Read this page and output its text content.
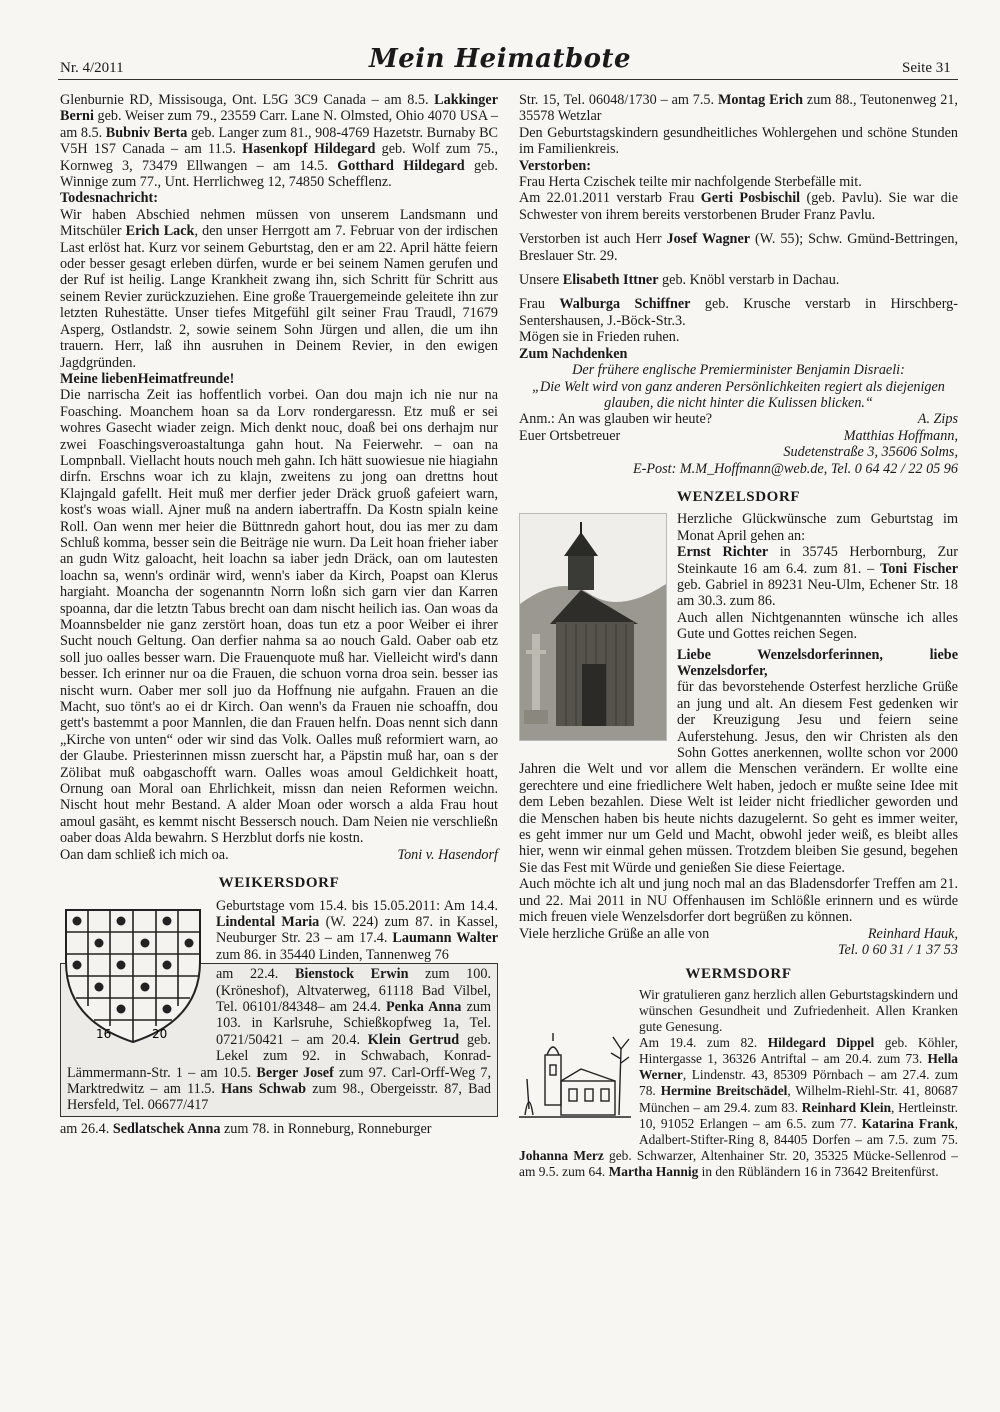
Nr. 4/2011	Mein Heimatbote	Seite 31

Glenburnie RD, Missisouga, Ont. L5G 3C9 Canada – am 8.5. Lakkinger Berni geb. Weiser zum 79., 23559 Carr. Lane N. Olmsted, Ohio 4070 USA – am 8.5. Bubniv Berta geb. Langer zum 81., 908-4769 Hazetstr. Burnaby BC V5H 1S7 Canada – am 11.5. Hasenkopf Hildegard geb. Wolf zum 75., Kornweg 3, 73479 Ellwangen – am 14.5. Gotthard Hildegard geb. Winnige zum 77., Unt. Herrlichweg 12, 74850 Schefflenz.

Todesnachricht:

Wir haben Abschied nehmen müssen von unserem Landsmann und Mitschüler Erich Lack, den unser Herrgott am 7. Februar von der irdischen Last erlöst hat. Kurz vor seinem Geburtstag, den er am 22. April hätte feiern oder besser gesagt erleben dürfen, wurde er bei seinem Namen gerufen und der Ruf ist heilig. Lange Krankheit zwang ihn, sich Schritt für Schritt aus seinem Revier zurückzuziehen. Eine große Trauergemeinde geleitete ihn zur letzten Ruhestätte. Unser tiefes Mitgefühl gilt seiner Frau Traudl, 71679 Asperg, Ostlandstr. 2, sowie seinem Sohn Jürgen und allen, die um ihn trauern. Herr, laß ihn ausruhen in Deinem Revier, in den ewigen Jagdgründen.

Meine liebenHeimatfreunde!

Die narrischa Zeit ias hoffentlich vorbei. Oan dou majn ich nie nur na Foasching. Moanchem hoan sa da Lorv rondergaressn. Etz muß er sei wohres Gasecht wiader zeign. Mich denkt nouc, doaß bei ons derhajm nur zwei Foaschingsveroastaltunga gahn hout. Na Feierwehr. – oan na Lompnball. Viellacht houts nouch meh gahn. Ich hätt suowiesue nie hiagiahn dirfn. Erschns woar ich zu klajn, zweitens zu jong oan drettns hout Klajngald gafellt. Heit muß mer derfier jeder Dräck gruoß gafeiert warn, kost's woas wiall. Ajner muß na andern iabertraffn. Da Kostn spialn keine Roll. Oan wenn mer heier die Büttnredn gahort hout, dou ias mer zu dam Schluß komma, besser sein die Beiträge nie wurn. Da Leit hoan frieher iaber an gudn Witz galoacht, heit loachn sa iaber jedn Dräck, oan om lautesten loachn sa, wenn's ordinär wird, wenn's iaber da Kirch, Poapst oan Klerus hargiaht. Moancha der sogenanntn Norrn loßn sich garn vier dan Karren spoanna, dar die letztn Tabus brecht oan dam nischt heilich ias. Oan woas da Moannsbelder nie ganz zerstört hoan, doas tun etz a poor Weiber ei ihrer Sucht nouch Geltung. Oan derfier nahma sa ao nouch Gald. Oaber oab etz soll juo oalles besser warn. Die Frauenquote muß har. Vielleicht wird's dann besser. Ich erinner nur oa die Frauen, die schuon vorna droa sein. besser ias nischt wurn. Oaber mer soll juo da Hoffnung nie aufgahn. Frauen an die Macht, suo tönt's ao ei dr Kirch. Oan wenn's da Frauen nie schoaffn, dou gett's bastemmt a poor Mannlen, die dan Frauen helfn. Doas nennt sich dann „Kirche von unten“ oder wir sind das Volk. Oalles muß reformiert warn, ao der Glaube. Priesterinnen missn zuerscht har, a Päpstin muß har, oan s der Zölibat muß oabgaschofft warn. Oalles woas amoul Geldichkeit hoatt, Ornung oan Moral oan Ehrlichkeit, missn dan neien Reformen weichn. Nischt hout mehr Bestand. A alder Moan oder worsch a alda Frau hout amoul gasäht, es kemmt nischt Bessersch nouch. Dam Neien nie verschließn oaber doas Alda bewahrn. S Herzblut dorfs nie kostn.

Oan dam schließ ich mich oa.	Toni v. Hasendorf
WEIKERSDORF
16	20

Geburtstage vom 15.4. bis 15.05.2011: Am 14.4. Lindental Maria (W. 224) zum 87. in Kassel, Neuburger Str. 23 – am 17.4. Laumann Walter zum 86. in 35440 Linden, Tannenweg 76

am 22.4. Bienstock Erwin zum 100. (Kröneshof), Altvaterweg, 61118 Bad Vilbel, Tel. 06101/84348– am 24.4. Penka Anna zum 103. in Karlsruhe, Schießkopfweg 1a, Tel. 0721/50421 – am 20.4. Klein Gertrud geb. Lekel zum 92. in Schwabach, Konrad-Lämmermann-Str. 1 – am 10.5. Berger Josef zum 97. Carl-Orff-Weg 7, Marktredwitz – am 11.5. Hans Schwab zum 98., Obergeisstr. 87, Bad Hersfeld, Tel. 06677/417

am 26.4. Sedlatschek Anna zum 78. in Ronneburg, Ronneburger

Str. 15, Tel. 06048/1730 – am 7.5. Montag Erich zum 88., Teutonenweg 21, 35578 Wetzlar

Den Geburtstagskindern gesundheitliches Wohlergehen und schöne Stunden im Familienkreis.

Verstorben:

Frau Herta Czischek teilte mir nachfolgende Sterbefälle mit.

Am 22.01.2011 verstarb Frau Gerti Posbischil (geb. Pavlu). Sie war die Schwester von ihrem bereits verstorbenen Bruder Franz Pavlu.

Verstorben ist auch Herr Josef Wagner (W. 55); Schw. Gmünd-Bettringen, Breslauer Str. 29.

Unsere Elisabeth Ittner geb. Knöbl verstarb in Dachau.

Frau Walburga Schiffner geb. Krusche verstarb in Hirschberg-Sentershausen, J.-Böck-Str.3.

Mögen sie in Frieden ruhen.

Zum Nachdenken

Der frühere englische Premierminister Benjamin Disraeli:

„Die Welt wird von ganz anderen Persönlichkeiten regiert als diejenigen glauben, die nicht hinter die Kulissen blicken.“

Anm.: An was glauben wir heute?	A. Zips
Euer Ortsbetreuer	Matthias Hoffmann,

Sudetenstraße 3, 35606 Solms,

E-Post: M.M_Hoffmann@web.de, Tel. 0 64 42 / 22 05 96

WENZELSDORF

Herzliche Glückwünsche zum Geburtstag im Monat April gehen an:

Ernst Richter in 35745 Herbornburg, Zur Steinkaute 16 am 6.4. zum 81. – Toni Fischer geb. Gabriel in 89231 Neu-Ulm, Echener Str. 18 am 30.3. zum 86.

Auch allen Nichtgenannten wünsche ich alles Gute und Gottes reichen Segen.

Liebe Wenzelsdorferinnen, liebe Wenzelsdorfer,

für das bevorstehende Osterfest herzliche Grüße an jung und alt. An diesem Fest gedenken wir der Kreuzigung Jesu und feiern seine Auferstehung. Jesus, den wir Christen als den Sohn Gottes anerkennen, wollte schon vor 2000 Jahren die Welt und vor allem die Menschen verändern. Er wollte eine gerechtere und eine friedlichere Welt haben, jedoch er mußte seine Idee mit dem Leben bezahlen. Diese Welt ist leider nicht friedlicher geworden und die Menschen haben bis heute nichts dazugelernt. So geht es immer weiter, es geht immer nur um Geld und Macht, obwohl jeder weiß, es bleibt alles hier, wenn wir einmal gehen müssen. Trotzdem bleiben Sie gesund, begehen Sie das Fest mit Würde und genießen Sie diese Feiertage.

Auch möchte ich alt und jung noch mal an das Bladensdorfer Treffen am 21. und 22. Mai 2011 in NU Offenhausen im Schlößle erinnern und es würde mich freuen viele Wenzelsdorfer dort begrüßen zu können.

Viele herzliche Grüße an alle von	Reinhard Hauk,

Tel. 0 60 31 / 1 37 53

WERMSDORF

Wir gratulieren ganz herzlich allen Geburtstagskindern und wünschen Gesundheit und Zufriedenheit. Allen Kranken gute Genesung.

Am 19.4. zum 82. Hildegard Dippel geb. Köhler, Hintergasse 1, 36326 Antriftal – am 20.4. zum 73. Hella Werner, Lindenstr. 43, 85309 Pörnbach – am 27.4. zum 78. Hermine Breitschädel, Wilhelm-Riehl-Str. 41, 80687 München – am 29.4. zum 83. Reinhard Klein, Hertleinstr. 10, 91052 Erlangen – am 6.5. zum 77. Katarina Frank, Adalbert-Stifter-Ring 8, 84405 Dorfen – am 7.5. zum 75. Johanna Merz geb. Schwarzer, Altenhainer Str. 20, 35325 Mücke-Sellenrod – am 9.5. zum 64. Martha Hannig in den Rübländern 16 in 73642 Breitenfürst.
